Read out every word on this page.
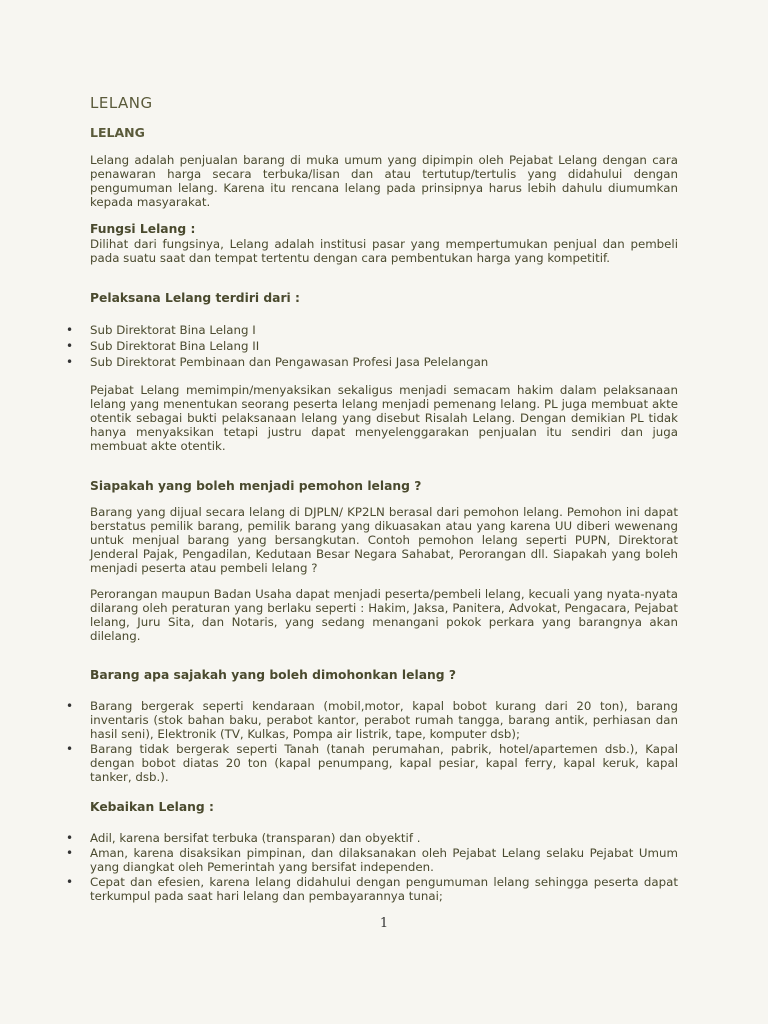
LELANG
LELANG

Lelang adalah penjualan barang di muka umum yang dipimpin oleh Pejabat Lelang dengan cara penawaran harga secara terbuka/lisan dan atau tertutup/tertulis yang didahului dengan pengumuman lelang. Karena itu rencana lelang pada prinsipnya harus lebih dahulu diumumkan kepada masyarakat.

Fungsi Lelang :

Dilihat dari fungsinya, Lelang adalah institusi pasar yang mempertumukan penjual dan pembeli pada suatu saat dan tempat tertentu dengan cara pembentukan harga yang kompetitif.

Pelaksana Lelang terdiri dari :
• Sub Direktorat Bina Lelang I
• Sub Direktorat Bina Lelang II
• Sub Direktorat Pembinaan dan Pengawasan Profesi Jasa Pelelangan

Pejabat Lelang memimpin/menyaksikan sekaligus menjadi semacam hakim dalam pelaksanaan lelang yang menentukan seorang peserta lelang menjadi pemenang lelang. PL juga membuat akte otentik sebagai bukti pelaksanaan lelang yang disebut Risalah Lelang. Dengan demikian PL tidak hanya menyaksikan tetapi justru dapat menyelenggarakan penjualan itu sendiri dan juga membuat akte otentik.

Siapakah yang boleh menjadi pemohon lelang ?

Barang yang dijual secara lelang di DJPLN/ KP2LN berasal dari pemohon lelang. Pemohon ini dapat berstatus pemilik barang, pemilik barang yang dikuasakan atau yang karena UU diberi wewenang untuk menjual barang yang bersangkutan. Contoh pemohon lelang seperti PUPN, Direktorat Jenderal Pajak, Pengadilan, Kedutaan Besar Negara Sahabat, Perorangan dll. Siapakah yang boleh menjadi peserta atau pembeli lelang ?

Perorangan maupun Badan Usaha dapat menjadi peserta/pembeli lelang, kecuali yang nyata-nyata dilarang oleh peraturan yang berlaku seperti : Hakim, Jaksa, Panitera, Advokat, Pengacara, Pejabat lelang, Juru Sita, dan Notaris, yang sedang menangani pokok perkara yang barangnya akan dilelang.

Barang apa sajakah yang boleh dimohonkan lelang ?
• Barang bergerak seperti kendaraan (mobil,motor, kapal bobot kurang dari 20 ton), barang inventaris (stok bahan baku, perabot kantor, perabot rumah tangga, barang antik, perhiasan dan hasil seni), Elektronik (TV, Kulkas, Pompa air listrik, tape, komputer dsb);
• Barang tidak bergerak seperti Tanah (tanah perumahan, pabrik, hotel/apartemen dsb.), Kapal dengan bobot diatas 20 ton (kapal penumpang, kapal pesiar, kapal ferry, kapal keruk, kapal tanker, dsb.).
Kebaikan Lelang :
• Adil, karena bersifat terbuka (transparan) dan obyektif .
• Aman, karena disaksikan pimpinan, dan dilaksanakan oleh Pejabat Lelang selaku Pejabat Umum yang diangkat oleh Pemerintah yang bersifat independen.
• Cepat dan efesien, karena lelang didahului dengan pengumuman lelang sehingga peserta dapat terkumpul pada saat hari lelang dan pembayarannya tunai;
1
